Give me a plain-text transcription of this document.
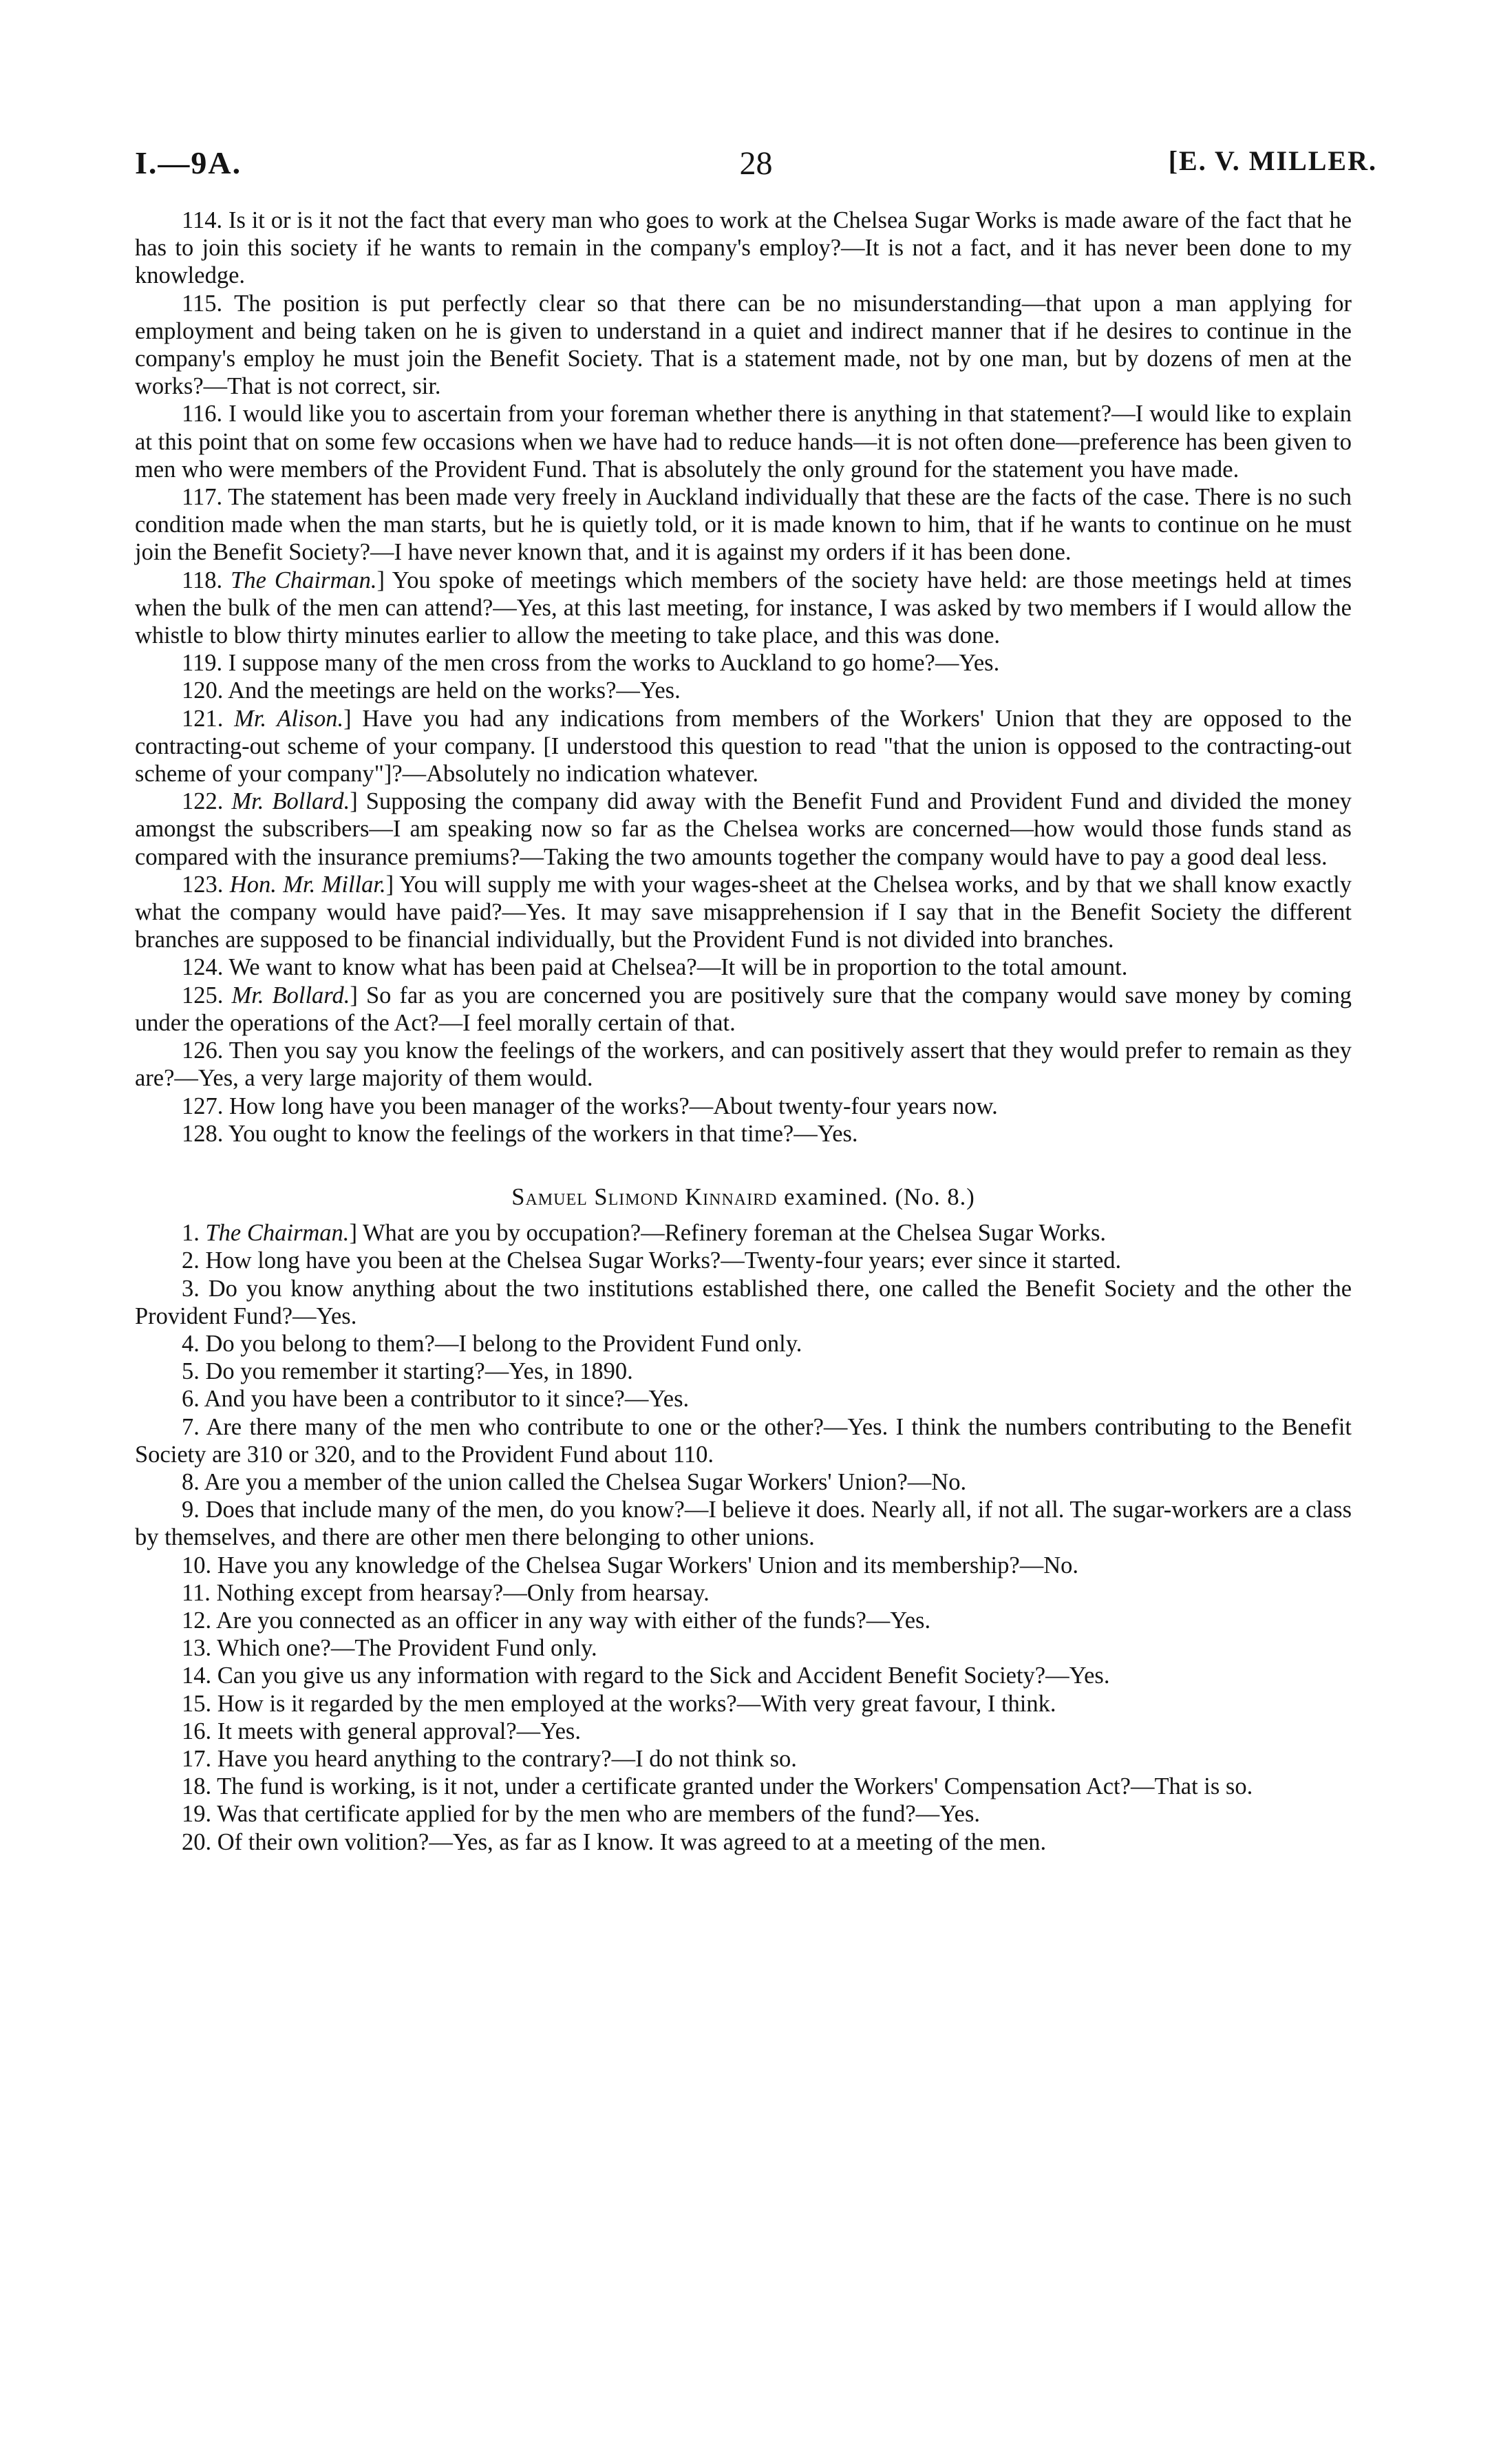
I.—9A.	28	[E. V. MILLER.

114. Is it or is it not the fact that every man who goes to work at the Chelsea Sugar Works is made aware of the fact that he has to join this society if he wants to remain in the company's employ?—It is not a fact, and it has never been done to my knowledge.

115. The position is put perfectly clear so that there can be no misunderstanding—that upon a man applying for employment and being taken on he is given to understand in a quiet and indirect manner that if he desires to continue in the company's employ he must join the Benefit Society. That is a statement made, not by one man, but by dozens of men at the works?—That is not correct, sir.

116. I would like you to ascertain from your foreman whether there is anything in that statement?—I would like to explain at this point that on some few occasions when we have had to reduce hands—it is not often done—preference has been given to men who were members of the Provident Fund. That is absolutely the only ground for the statement you have made.

117. The statement has been made very freely in Auckland individually that these are the facts of the case. There is no such condition made when the man starts, but he is quietly told, or it is made known to him, that if he wants to continue on he must join the Benefit Society?—I have never known that, and it is against my orders if it has been done.

118. The Chairman.] You spoke of meetings which members of the society have held: are those meetings held at times when the bulk of the men can attend?—Yes, at this last meeting, for instance, I was asked by two members if I would allow the whistle to blow thirty minutes earlier to allow the meeting to take place, and this was done.

119. I suppose many of the men cross from the works to Auckland to go home?—Yes.

120. And the meetings are held on the works?—Yes.

121. Mr. Alison.] Have you had any indications from members of the Workers' Union that they are opposed to the contracting-out scheme of your company. [I understood this question to read "that the union is opposed to the contracting-out scheme of your company"]?—Absolutely no indication whatever.

122. Mr. Bollard.] Supposing the company did away with the Benefit Fund and Provident Fund and divided the money amongst the subscribers—I am speaking now so far as the Chelsea works are concerned—how would those funds stand as compared with the insurance premiums?—Taking the two amounts together the company would have to pay a good deal less.

123. Hon. Mr. Millar.] You will supply me with your wages-sheet at the Chelsea works, and by that we shall know exactly what the company would have paid?—Yes. It may save misapprehension if I say that in the Benefit Society the different branches are supposed to be financial individually, but the Provident Fund is not divided into branches.

124. We want to know what has been paid at Chelsea?—It will be in proportion to the total amount.

125. Mr. Bollard.] So far as you are concerned you are positively sure that the company would save money by coming under the operations of the Act?—I feel morally certain of that.

126. Then you say you know the feelings of the workers, and can positively assert that they would prefer to remain as they are?—Yes, a very large majority of them would.

127. How long have you been manager of the works?—About twenty-four years now.

128. You ought to know the feelings of the workers in that time?—Yes.

Samuel Slimond Kinnaird examined. (No. 8.)

1. The Chairman.] What are you by occupation?—Refinery foreman at the Chelsea Sugar Works.

2. How long have you been at the Chelsea Sugar Works?—Twenty-four years; ever since it started.

3. Do you know anything about the two institutions established there, one called the Benefit Society and the other the Provident Fund?—Yes.

4. Do you belong to them?—I belong to the Provident Fund only.

5. Do you remember it starting?—Yes, in 1890.

6. And you have been a contributor to it since?—Yes.

7. Are there many of the men who contribute to one or the other?—Yes. I think the numbers contributing to the Benefit Society are 310 or 320, and to the Provident Fund about 110.

8. Are you a member of the union called the Chelsea Sugar Workers' Union?—No.

9. Does that include many of the men, do you know?—I believe it does. Nearly all, if not all. The sugar-workers are a class by themselves, and there are other men there belonging to other unions.

10. Have you any knowledge of the Chelsea Sugar Workers' Union and its membership?—No.

11. Nothing except from hearsay?—Only from hearsay.

12. Are you connected as an officer in any way with either of the funds?—Yes.

13. Which one?—The Provident Fund only.

14. Can you give us any information with regard to the Sick and Accident Benefit Society?—Yes.

15. How is it regarded by the men employed at the works?—With very great favour, I think.

16. It meets with general approval?—Yes.

17. Have you heard anything to the contrary?—I do not think so.

18. The fund is working, is it not, under a certificate granted under the Workers' Compensation Act?—That is so.

19. Was that certificate applied for by the men who are members of the fund?—Yes.

20. Of their own volition?—Yes, as far as I know. It was agreed to at a meeting of the men.
